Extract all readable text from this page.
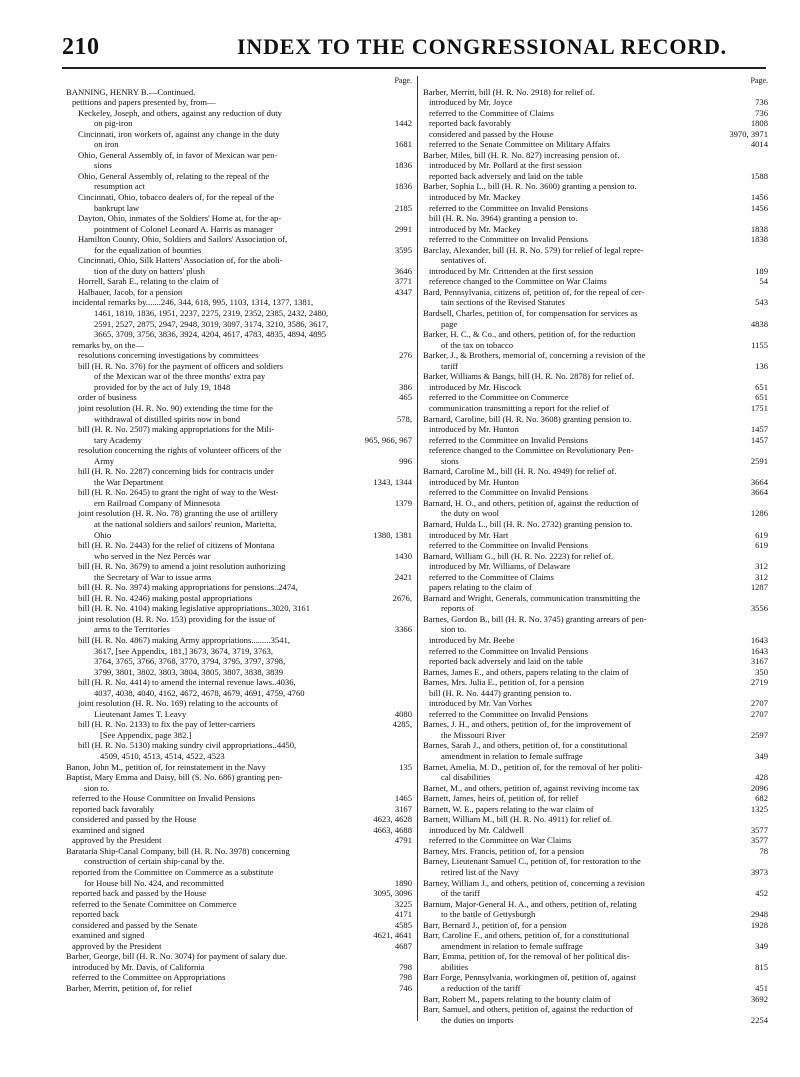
210	INDEX TO THE CONGRESSIONAL RECORD.
Page.
BANNING, HENRY B.—Continued.
petitions and papers presented by, from—
Keckeley, Joseph, and others, against any reduction of duty
on pig-iron	1442
Cincinnati, iron workers of, against any change in the duty
on iron	1681
Ohio, General Assembly of, in favor of Mexican war pen-
sions	1836
Ohio, General Assembly of, relating to the repeal of the
resumption act	1836
Cincinnati, Ohio, tobacco dealers of, for the repeal of the
bankrupt law	2185
Dayton, Ohio, inmates of the Soldiers' Home at, for the ap-
pointment of Colonel Leonard A. Harris as manager	2991
Hamilton County, Ohio, Soldiers and Sailors' Association of,
for the equalization of bounties	3595
Cincinnati, Ohio, Silk Hatters' Association of, for the aboli-
tion of the duty on batters' plush	3646
Horrell, Sarah E., relating to the claim of	3771
Halbauer, Jacob, for a pension	4347
incidental remarks by.......246, 344, 618, 995, 1103, 1314, 1377, 1381,
1461, 1810, 1836, 1951, 2237, 2275, 2319, 2352, 2385, 2432, 2480,
2591, 2527, 2875, 2947, 2948, 3019, 3097, 3174, 3210, 3586, 3617,
3665, 3709, 3756, 3836, 3924, 4204, 4617, 4783, 4835, 4894, 4895
remarks by, on the—
resolutions concerning investigations by committees	276
bill (H. R. No. 376) for the payment of officers and soldiers
of the Mexican war of the three months' extra pay
provided for by the act of July 19, 1848	386
order of business	465
joint resolution (H. R. No. 90) extending the time for the
withdrawal of distilled spirits now in bond	578,
bill (H. R. No. 2507) making appropriations for the Mili-
tary Academy	965, 966, 967
resolution concerning the rights of volunteer officers of the
Army	996
bill (H. R. No. 2287) concerning bids for contracts under
the War Department	1343, 1344
bill (H. R. No. 2645) to grant the right of way to the West-
ern Railroad Company of Minnesota	1379
joint resolution (H. R. No. 78) granting the use of artillery
at the national soldiers and sailors' reunion, Marietta,
Ohio	1380, 1381
bill (H. R. No. 2443) for the relief of citizens of Montana
who served in the Nez Percés war	1430
bill (H. R. No. 3679) to amend a joint resolution authorizing
the Secretary of War to issue arms	2421
bill (H. R. No. 3974) making appropriations for pensions..2474,
bill (H. R. No. 4246) making postal appropriations	2676,
bill (H. R. No. 4104) making legislative appropriations..3020, 3161
joint resolution (H. R. No. 153) providing for the issue of
arms to the Territories	3366
bill (H. R. No. 4867) making Army appropriations.........3541,
3617, [see Appendix, 181,] 3673, 3674, 3719, 3763,
3764, 3765, 3766, 3768, 3770, 3794, 3795, 3797, 3798,
3799, 3801, 3802, 3803, 3804, 3805, 3807, 3838, 3839
bill (H. R. No. 4414) to amend the internal revenue laws..4036,
4037, 4038, 4040, 4162, 4672, 4678, 4679, 4691, 4759, 4760
joint resolution (H. R. No. 169) relating to the accounts of
Lieutenant James T. Leavy	4080
bill (H. R. No. 2133) to fix the pay of letter-carriers	4285,
[See Appendix, page 382.]
bill (H. R. No. 5130) making sundry civil appropriations..4450,
4509, 4510, 4513, 4514, 4522, 4523
Banon, John M., petition of, for reinstatement in the Navy	135
Baptist, Mary Emma and Daisy, bill (S. No. 686) granting pen-
sion to.
referred to the House Committee on Invalid Pensions	1465
reported back favorably	3167
considered and passed by the House	4623, 4628
examined and signed	4663, 4688
approved by the President	4791
Barataria Ship-Canal Company, bill (H. R. No. 3978) concerning
construction of certain ship-canal by the.
reported from the Committee on Commerce as a substitute
for House bill No. 424, and recommitted	1890
reported back and passed by the House	3095, 3096
referred to the Senate Committee on Commerce	3225
reported back	4171
considered and passed by the Senate	4585
examined and signed	4621, 4641
approved by the President	4687
Barber, George, bill (H. R. No. 3074) for payment of salary due.
introduced by Mr. Davis, of California	798
referred to the Committee on Appropriations	798
Barber, Merritt, petition of, for relief	746
Page.
Barber, Merritt, bill (H. R. No. 2918) for relief of.
introduced by Mr. Joyce	736
referred to the Committee of Claims	736
reported back favorably	1808
considered and passed by the House	3970, 3971
referred to the Senate Committee on Military Affairs	4014
Barber, Miles, bill (H. R. No. 827) increasing pension of.
introduced by Mr. Pollard at the first session
reported back adversely and laid on the table	1588
Barber, Sophia L., bill (H. R. No. 3600) granting a pension to.
introduced by Mr. Mackey	1456
referred to the Committee on Invalid Pensions	1456
bill (H. R. No. 3964) granting a pension to.
introduced by Mr. Mackey	1838
referred to the Committee on Invalid Pensions	1838
Barclay, Alexander, bill (H. R. No. 579) for relief of legal repre-
sentatives of.
introduced by Mr. Crittenden at the first session	189
reference changed to the Committee on War Claims	54
Bard, Pennsylvania, citizens of, petition of, for the repeal of cer-
tain sections of the Revised Statutes	543
Bardsell, Charles, petition of, for compensation for services as
page	4838
Barker, H. C., & Co., and others, petition of, for the reduction
of the tax on tobacco	1155
Barker, J., & Brothers, memorial of, concerning a revision of the
tariff	136
Barker, Williams & Bangs, bill (H. R. No. 2878) for relief of.
introduced by Mr. Hiscock	651
referred to the Committee on Commerce	651
communication transmitting a report for the relief of	1751
Barnard, Caroline, bill (H. R. No. 3608) granting pension to.
introduced by Mr. Hunton	1457
referred to the Committee on Invalid Pensions	1457
reference changed to the Committee on Revolutionary Pen-
sions	2591
Barnard, Caroline M., bill (H. R. No. 4949) for relief of.
introduced by Mr. Hunton	3664
referred to the Committee on Invalid Pensions	3664
Barnard, H. O., and others, petition of, against the reduction of
the duty on wool	1286
Barnard, Hulda L., bill (H. R. No. 2732) granting pension to.
introduced by Mr. Hart	619
referred to the Committee on Invalid Pensions	619
Barnard, William G., bill (H. R. No. 2223) for relief of.
introduced by Mr. Williams, of Delaware	312
referred to the Committee of Claims	312
papers relating to the claim of	1287
Barnard and Wright, Generals, communication transmitting the
reports of	3556
Barnes, Gordon B., bill (H. R. No. 3745) granting arrears of pen-
sion to.
introduced by Mr. Beebe	1643
referred to the Committee on Invalid Pensions	1643
reported back adversely and laid on the table	3167
Barnes, James E., and others, papers relating to the claim of	350
Barnes, Mrs. Julia E., petition of, for a pension	2719
bill (H. R. No. 4447) granting pension to.
introduced by Mr. Van Vorhes	2707
referred to the Committee on Invalid Pensions	2707
Barnes, J. H., and others, petition of, for the improvement of
the Missouri River	2597
Barnes, Sarah J., and others, petition of, for a constitutional
amendment in relation to female suffrage	349
Barnet, Amelia, M. D., petition of, for the removal of her politi-
cal disabilities	428
Barnet, M., and others, petition of, against reviving income tax	2096
Barnett, James, heirs of, petition of, for relief	682
Barnett, W. E., papers relating to the war claim of	1325
Barnett, William M., bill (H. R. No. 4911) for relief of.
introduced by Mr. Caldwell	3577
referred to the Committee on War Claims	3577
Barney, Mrs. Francis, petition of, for a pension	78
Barney, Lieutenant Samuel C., petition of, for restoration to the
retired list of the Navy	3973
Barney, William J., and others, petition of, concerning a revision
of the tariff	452
Barnum, Major-General H. A., and others, petition of, relating
to the battle of Gettysburgh	2948
Barr, Bernard J., petition of, for a pension	1928
Barr, Caroline F., and others, petition of, for a constitutional
amendment in relation to female suffrage	349
Barr, Emma, petition of, for the removal of her political dis-
abilities	815
Barr Forge, Pennsylvania, workingmen of, petition of, against
a reduction of the tariff	451
Barr, Robert M., papers relating to the bounty claim of	3692
Barr, Samuel, and others, petition of, against the reduction of
the duties on imports	2254
